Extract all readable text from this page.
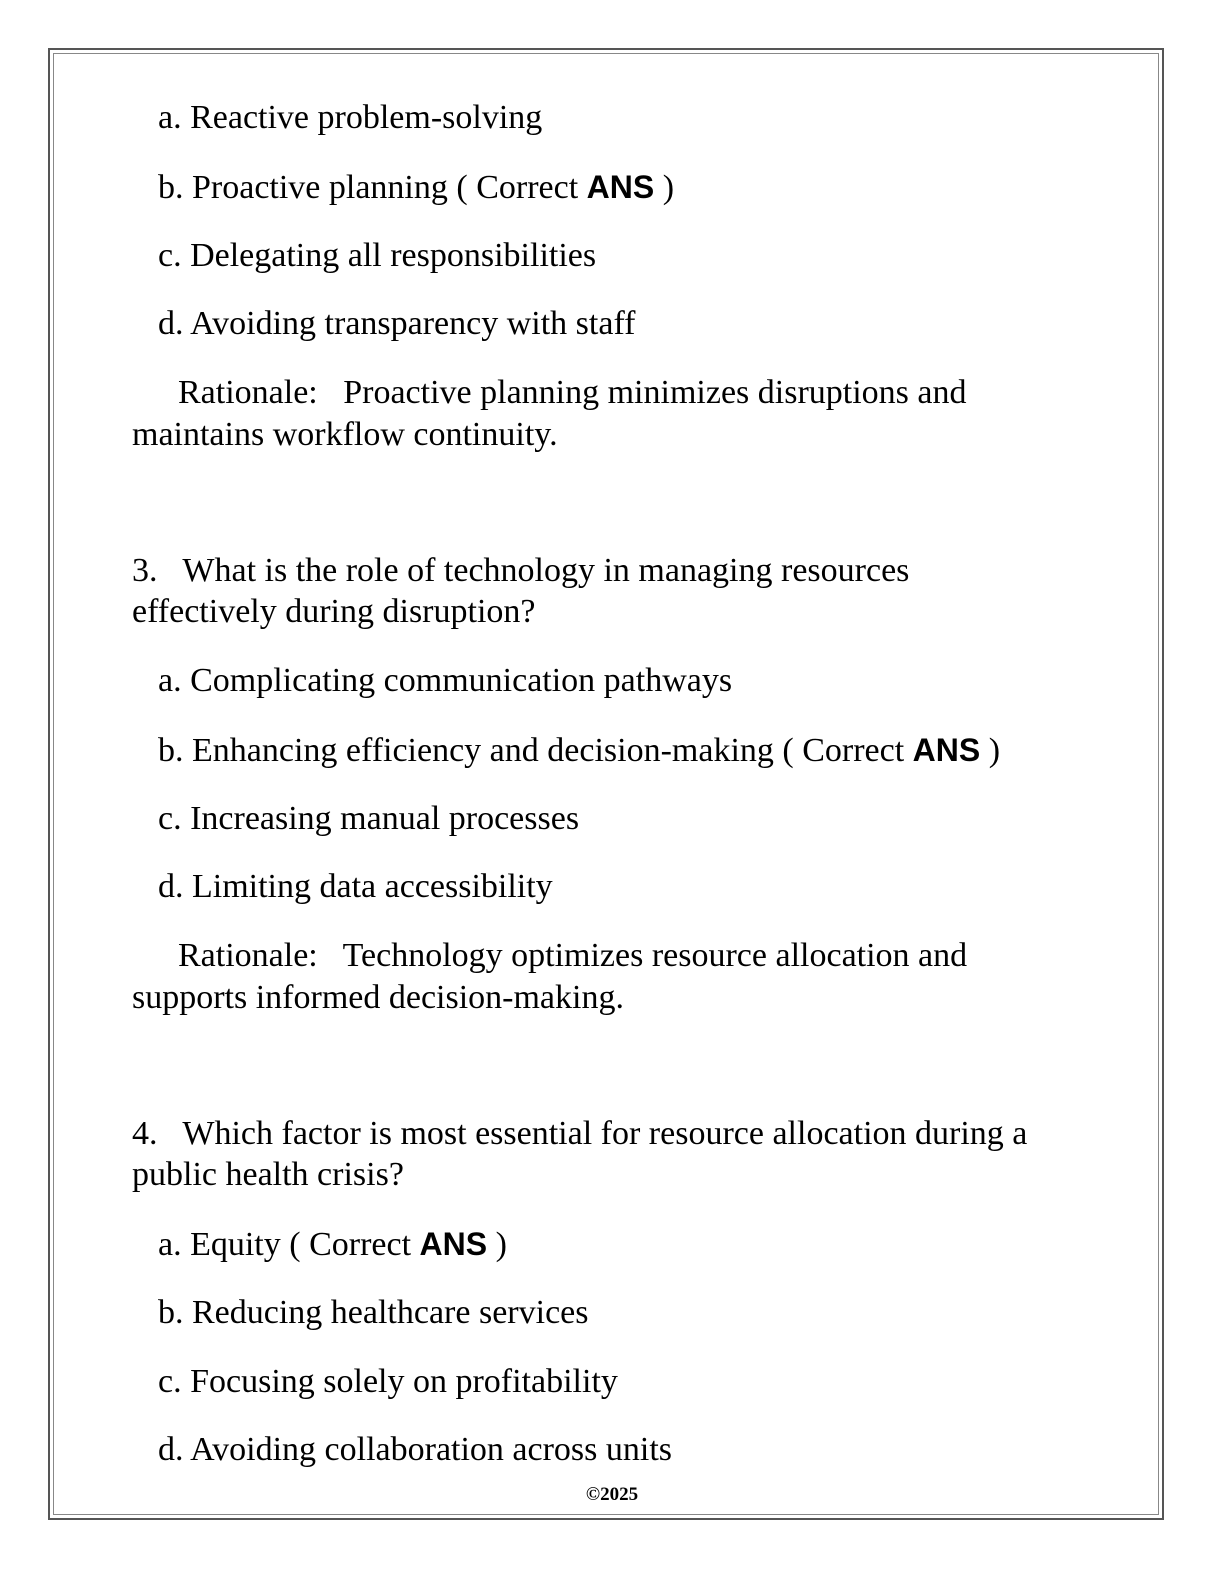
a. Reactive problem-solving
b. Proactive planning ( Correct ANS )
c. Delegating all responsibilities
d. Avoiding transparency with staff
Rationale:   Proactive planning minimizes disruptions and
maintains workflow continuity.
3.   What is the role of technology in managing resources
effectively during disruption?
a. Complicating communication pathways
b. Enhancing efficiency and decision-making ( Correct ANS )
c. Increasing manual processes
d. Limiting data accessibility
Rationale:   Technology optimizes resource allocation and
supports informed decision-making.
4.   Which factor is most essential for resource allocation during a
public health crisis?
a. Equity ( Correct ANS )
b. Reducing healthcare services
c. Focusing solely on profitability
d. Avoiding collaboration across units
©2025
